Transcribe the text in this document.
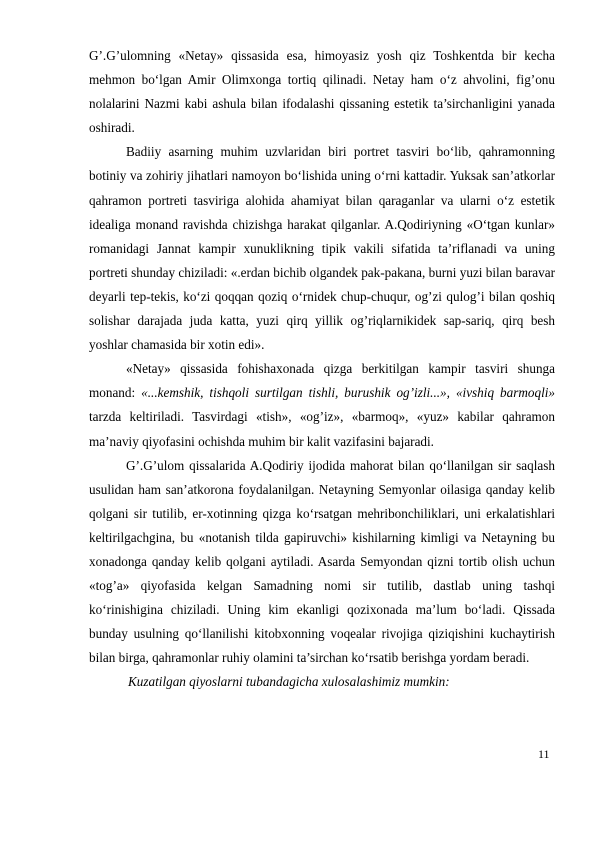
G’.G’ulomning «Netay» qissasida esa, himoyasiz yosh qiz Toshkentda bir kecha mehmon bo‘lgan Amir Olimxonga tortiq qilinadi. Netay ham o‘z ahvolini, fig’onu nolalarini Nazmi kabi ashula bilan ifodalashi qissaning estetik ta’sirchanligini yanada oshiradi.

Badiiy asarning muhim uzvlaridan biri portret tasviri bo‘lib, qahramonning botiniy va zohiriy jihatlari namoyon bo‘lishida uning o‘rni kattadir. Yuksak san’atkorlar qahramon portreti tasviriga alohida ahamiyat bilan qaraganlar va ularni o‘z estetik idealiga monand ravishda chizishga harakat qilganlar. A.Qodiriyning «O‘tgan kunlar» romanidagi Jannat kampir xunuklikning tipik vakili sifatida ta’riflanadi va uning portreti shunday chiziladi: «.erdan bichib olgandek pak-pakana, burni yuzi bilan baravar deyarli tep-tekis, ko‘zi qoqqan qoziq o‘rnidek chup-chuqur, og’zi qulog’i bilan qoshiq solishar darajada juda katta, yuzi qirq yillik og’riqlarnikidek sap-sariq, qirq besh yoshlar chamasida bir xotin edi».

«Netay» qissasida fohishaxonada qizga berkitilgan kampir tasviri shunga monand: «...kemshik, tishqoli surtilgan tishli, burushik og’izli...», «ivshiq barmoqli» tarzda keltiriladi. Tasvirdagi «tish», «og’iz», «barmoq», «yuz» kabilar qahramon ma’naviy qiyofasini ochishda muhim bir kalit vazifasini bajaradi.

G’.G’ulom qissalarida A.Qodiriy ijodida mahorat bilan qo‘llanilgan sir saqlash usulidan ham san’atkorona foydalanilgan. Netayning Semyonlar oilasiga qanday kelib qolgani sir tutilib, er-xotinning qizga ko‘rsatgan mehribonchiliklari, uni erkalatishlari keltirilgachgina, bu «notanish tilda gapiruvchi» kishilarning kimligi va Netayning bu xonadonga qanday kelib qolgani aytiladi. Asarda Semyondan qizni tortib olish uchun «tog’a» qiyofasida kelgan Samadning nomi sir tutilib, dastlab uning tashqi ko‘rinishigina chiziladi. Uning kim ekanligi qozixonada ma’lum bo‘ladi. Qissada bunday usulning qo‘llanilishi kitobxonning voqealar rivojiga qiziqishini kuchaytirish bilan birga, qahramonlar ruhiy olamini ta’sirchan ko‘rsatib berishga yordam beradi.

Kuzatilgan qiyoslarni tubandagicha xulosalashimiz mumkin:

11
